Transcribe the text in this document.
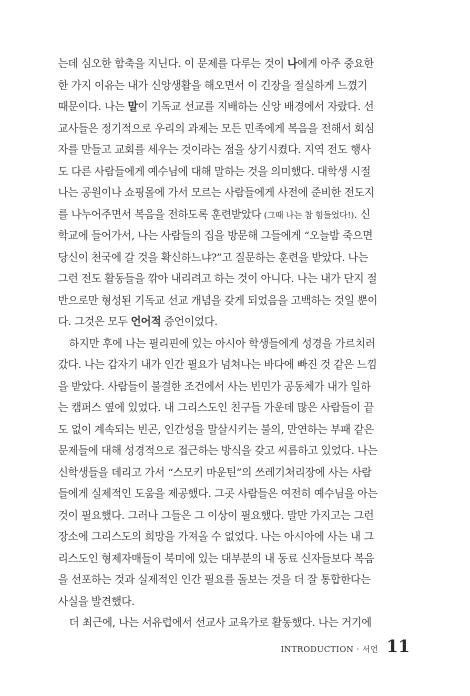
는데 심오한 함축을 지닌다. 이 문제를 다루는 것이 나에게 아주 중요한
한 가지 이유는 내가 신앙생활을 해오면서 이 긴장을 절실하게 느꼈기
때문이다. 나는 말이 기독교 선교를 지배하는 신앙 배경에서 자랐다. 선
교사들은 정기적으로 우리의 과제는 모든 민족에게 복음을 전해서 회심
자를 만들고 교회를 세우는 것이라는 점을 상기시켰다. 지역 전도 행사
도 다른 사람들에게 예수님에 대해 말하는 것을 의미했다. 대학생 시절
나는 공원이나 쇼핑몰에 가서 모르는 사람들에게 사전에 준비한 전도지
를 나누어주면서 복음을 전하도록 훈련받았다 (그때 나는 참 힘들었다!). 신
학교에 들어가서, 나는 사람들의 집을 방문해 그들에게 “오늘밤 죽으면
당신이 천국에 갈 것을 확신하느냐?”고 질문하는 훈련을 받았다. 나는
그런 전도 활동들을 깎아 내리려고 하는 것이 아니다. 나는 내가 단지 절
반으로만 형성된 기독교 선교 개념을 갖게 되었음을 고백하는 것일 뿐이
다. 그것은 모두 언어적 증언이었다.
하지만 후에 나는 필리핀에 있는 아시아 학생들에게 성경을 가르치러
갔다. 나는 갑자기 내가 인간 필요가 넘쳐나는 바다에 빠진 것 같은 느낌
을 받았다. 사람들이 불결한 조건에서 사는 빈민가 공동체가 내가 일하
는 캠퍼스 옆에 있었다. 내 그리스도인 친구들 가운데 많은 사람들이 끝
도 없이 계속되는 빈곤, 인간성을 말살시키는 불의, 만연하는 부패 같은
문제들에 대해 성경적으로 접근하는 방식을 갖고 씨름하고 있었다. 나는
신학생들을 데리고 가서 “스모키 마운틴”의 쓰레기처리장에 사는 사람
들에게 실제적인 도움을 제공했다. 그곳 사람들은 여전히 예수님을 아는
것이 필요했다. 그러나 그들은 그 이상이 필요했다. 말만 가지고는 그런
장소에 그리스도의 희망을 가져올 수 없었다. 나는 아시아에 사는 내 그
리스도인 형제자매들이 북미에 있는 대부분의 내 동료 신자들보다 복음
을 선포하는 것과 실제적인 인간 필요를 돌보는 것을 더 잘 통합한다는
사실을 발견했다.
더 최근에, 나는 서유럽에서 선교사 교육가로 활동했다. 나는 거기에
INTRODUCTION · 서언 11
